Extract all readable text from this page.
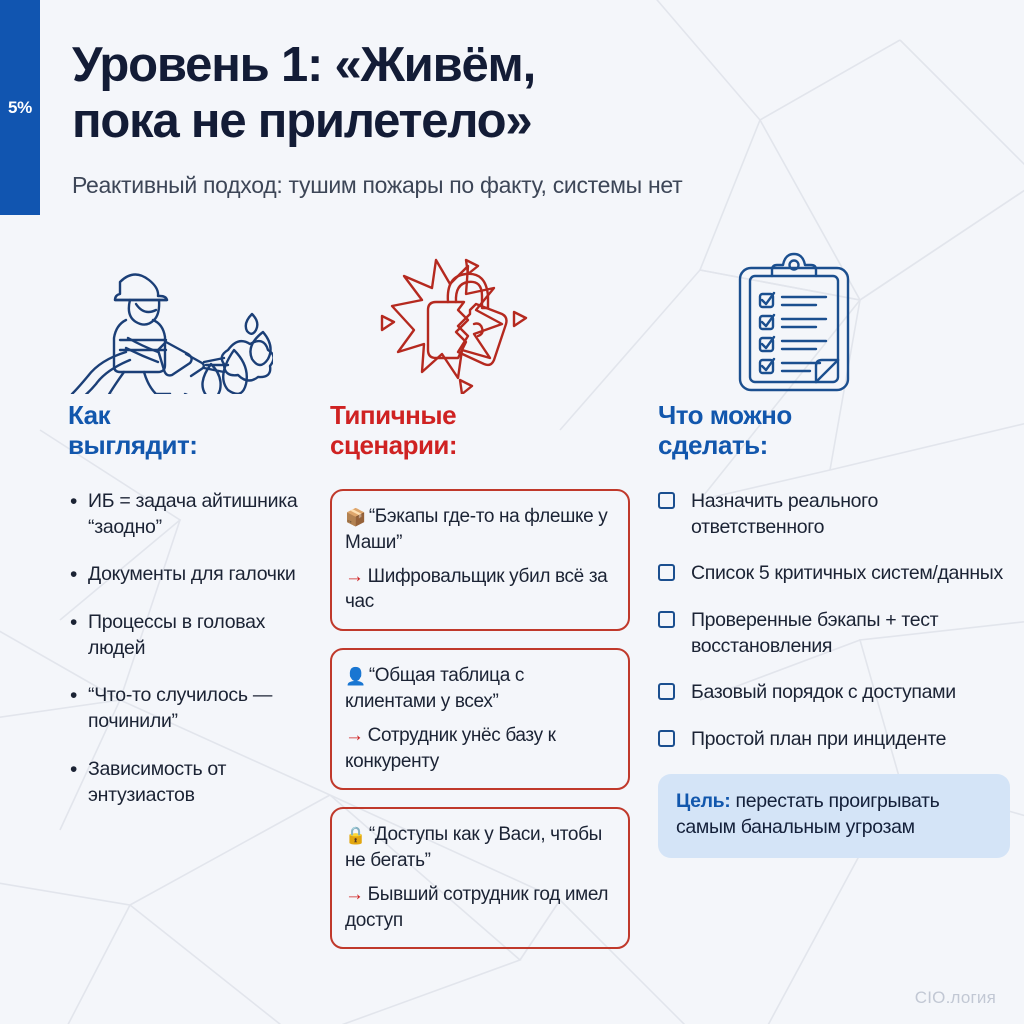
5%
Уровень 1: «Живём,
пока не прилетело»
Реактивный подход: тушим пожары по факту, системы нет
Как
выглядит:
• ИБ = задача айтишника “заодно”
• Документы для галочки
• Процессы в головах людей
• “Что-то случилось — починили”
• Зависимость от энтузиастов
Типичные
сценарии:
📦 “Бэкапы где-то на флешке у Маши”
→ Шифровальщик убил всё за час
👤 “Общая таблица с клиентами у всех”
→ Сотрудник унёс базу к конкуренту
🔒 “Доступы как у Васи, чтобы не бегать”
→ Бывший сотрудник год имел доступ
Что можно
сделать:
Назначить реального ответственного
Список 5 критичных систем/данных
Проверенные бэкапы + тест восстановления
Базовый порядок с доступами
Простой план при инциденте
Цель: перестать проигрывать самым банальным угрозам
CIO.логия
